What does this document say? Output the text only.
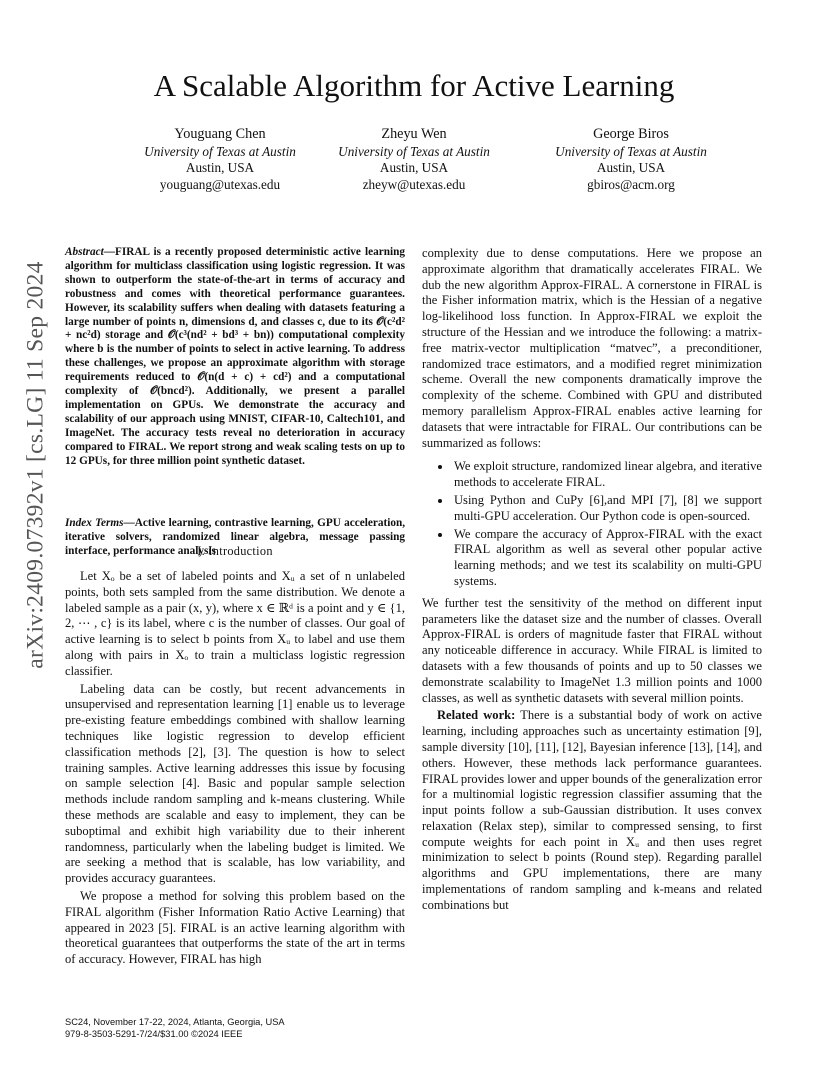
A Scalable Algorithm for Active Learning
Youguang Chen
University of Texas at Austin
Austin, USA
youguang@utexas.edu
Zheyu Wen
University of Texas at Austin
Austin, USA
zheyw@utexas.edu
George Biros
University of Texas at Austin
Austin, USA
gbiros@acm.org
arXiv:2409.07392v1 [cs.LG] 11 Sep 2024
Abstract—FIRAL is a recently proposed deterministic active learning algorithm for multiclass classification using logistic regression. It was shown to outperform the state-of-the-art in terms of accuracy and robustness and comes with theoretical performance guarantees. However, its scalability suffers when dealing with datasets featuring a large number of points n, dimensions d, and classes c, due to its 𝒪(c²d² + nc²d) storage and 𝒪(c³(nd² + bd³ + bn)) computational complexity where b is the number of points to select in active learning. To address these challenges, we propose an approximate algorithm with storage requirements reduced to 𝒪(n(d + c) + cd²) and a computational complexity of 𝒪(bncd²). Additionally, we present a parallel implementation on GPUs. We demonstrate the accuracy and scalability of our approach using MNIST, CIFAR-10, Caltech101, and ImageNet. The accuracy tests reveal no deterioration in accuracy compared to FIRAL. We report strong and weak scaling tests on up to 12 GPUs, for three million point synthetic dataset.
Index Terms—Active learning, contrastive learning, GPU acceleration, iterative solvers, randomized linear algebra, message passing interface, performance analysis
I. Introduction

Let Xₒ be a set of labeled points and Xᵤ a set of n unlabeled points, both sets sampled from the same distribution. We denote a labeled sample as a pair (x, y), where x ∈ ℝᵈ is a point and y ∈ {1, 2, ⋯ , c} is its label, where c is the number of classes. Our goal of active learning is to select b points from Xᵤ to label and use them along with pairs in Xₒ to train a multiclass logistic regression classifier.

Labeling data can be costly, but recent advancements in unsupervised and representation learning [1] enable us to leverage pre-existing feature embeddings combined with shallow learning techniques like logistic regression to develop efficient classification methods [2], [3]. The question is how to select training samples. Active learning addresses this issue by focusing on sample selection [4]. Basic and popular sample selection methods include random sampling and k-means clustering. While these methods are scalable and easy to implement, they can be suboptimal and exhibit high variability due to their inherent randomness, particularly when the labeling budget is limited. We are seeking a method that is scalable, has low variability, and provides accuracy guarantees.

We propose a method for solving this problem based on the FIRAL algorithm (Fisher Information Ratio Active Learning) that appeared in 2023 [5]. FIRAL is an active learning algorithm with theoretical guarantees that outperforms the state of the art in terms of accuracy. However, FIRAL has high

complexity due to dense computations. Here we propose an approximate algorithm that dramatically accelerates FIRAL. We dub the new algorithm Approx-FIRAL. A cornerstone in FIRAL is the Fisher information matrix, which is the Hessian of a negative log-likelihood loss function. In Approx-FIRAL we exploit the structure of the Hessian and we introduce the following: a matrix-free matrix-vector multiplication “matvec”, a preconditioner, randomized trace estimators, and a modified regret minimization scheme. Overall the new components dramatically improve the complexity of the scheme. Combined with GPU and distributed memory parallelism Approx-FIRAL enables active learning for datasets that were intractable for FIRAL. Our contributions can be summarized as follows:

• We exploit structure, randomized linear algebra, and iterative methods to accelerate FIRAL.
• Using Python and CuPy [6],and MPI [7], [8] we support multi-GPU acceleration. Our Python code is open-sourced.
• We compare the accuracy of Approx-FIRAL with the exact FIRAL algorithm as well as several other popular active learning methods; and we test its scalability on multi-GPU systems.

We further test the sensitivity of the method on different input parameters like the dataset size and the number of classes. Overall Approx-FIRAL is orders of magnitude faster that FIRAL without any noticeable difference in accuracy. While FIRAL is limited to datasets with a few thousands of points and up to 50 classes we demonstrate scalability to ImageNet 1.3 million points and 1000 classes, as well as synthetic datasets with several million points.

Related work: There is a substantial body of work on active learning, including approaches such as uncertainty estimation [9], sample diversity [10], [11], [12], Bayesian inference [13], [14], and others. However, these methods lack performance guarantees. FIRAL provides lower and upper bounds of the generalization error for a multinomial logistic regression classifier assuming that the input points follow a sub-Gaussian distribution. It uses convex relaxation (Relax step), similar to compressed sensing, to first compute weights for each point in Xᵤ and then uses regret minimization to select b points (Round step). Regarding parallel algorithms and GPU implementations, there are many implementations of random sampling and k-means and related combinations but

SC24, November 17-22, 2024, Atlanta, Georgia, USA
979-8-3503-5291-7/24/$31.00 ©2024 IEEE
